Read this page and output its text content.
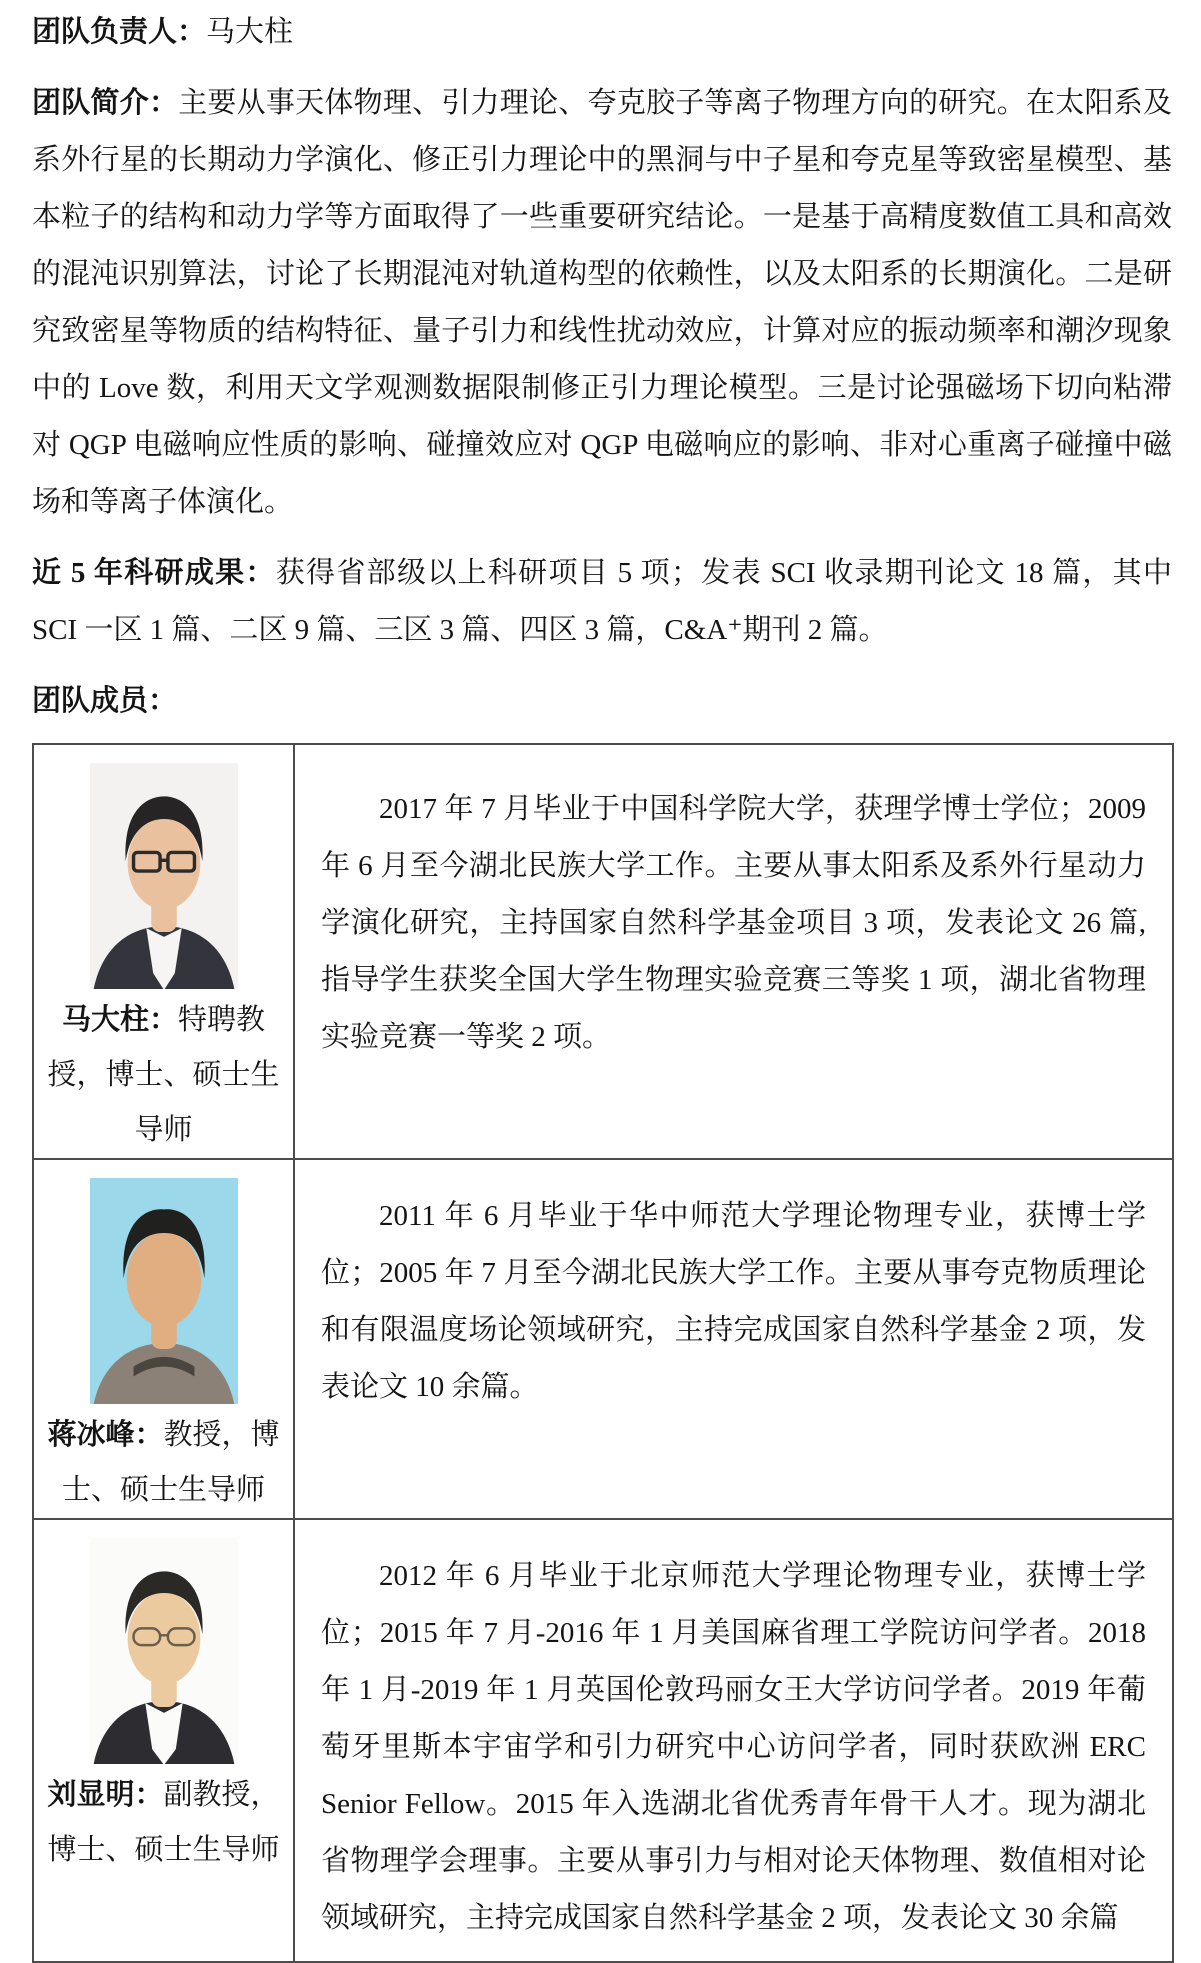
团队负责人：马大柱

团队简介：主要从事天体物理、引力理论、夸克胶子等离子物理方向的研究。在太阳系及系外行星的长期动力学演化、修正引力理论中的黑洞与中子星和夸克星等致密星模型、基本粒子的结构和动力学等方面取得了一些重要研究结论。一是基于高精度数值工具和高效的混沌识别算法，讨论了长期混沌对轨道构型的依赖性，以及太阳系的长期演化。二是研究致密星等物质的结构特征、量子引力和线性扰动效应，计算对应的振动频率和潮汐现象中的 Love 数，利用天文学观测数据限制修正引力理论模型。三是讨论强磁场下切向粘滞对 QGP 电磁响应性质的影响、碰撞效应对 QGP 电磁响应的影响、非对心重离子碰撞中磁场和等离子体演化。

近 5 年科研成果：获得省部级以上科研项目 5 项；发表 SCI 收录期刊论文 18 篇，其中 SCI 一区 1 篇、二区 9 篇、三区 3 篇、四区 3 篇，C&A⁺期刊 2 篇。

团队成员：

马大柱：特聘教授，博士、硕士生导师	2017 年 7 月毕业于中国科学院大学，获理学博士学位；2009 年 6 月至今湖北民族大学工作。主要从事太阳系及系外行星动力学演化研究，主持国家自然科学基金项目 3 项，发表论文 26 篇,指导学生获奖全国大学生物理实验竞赛三等奖 1 项，湖北省物理实验竞赛一等奖 2 项。

蒋冰峰：教授，博士、硕士生导师	2011 年 6 月毕业于华中师范大学理论物理专业，获博士学位；2005 年 7 月至今湖北民族大学工作。主要从事夸克物质理论和有限温度场论领域研究，主持完成国家自然科学基金 2 项，发表论文 10 余篇。

刘显明：副教授，博士、硕士生导师	2012 年 6 月毕业于北京师范大学理论物理专业，获博士学位；2015 年 7 月-2016 年 1 月美国麻省理工学院访问学者。2018 年 1 月-2019 年 1 月英国伦敦玛丽女王大学访问学者。2019 年葡萄牙里斯本宇宙学和引力研究中心访问学者，同时获欧洲 ERC Senior Fellow。2015 年入选湖北省优秀青年骨干人才。现为湖北省物理学会理事。主要从事引力与相对论天体物理、数值相对论领域研究，主持完成国家自然科学基金 2 项，发表论文 30 余篇
